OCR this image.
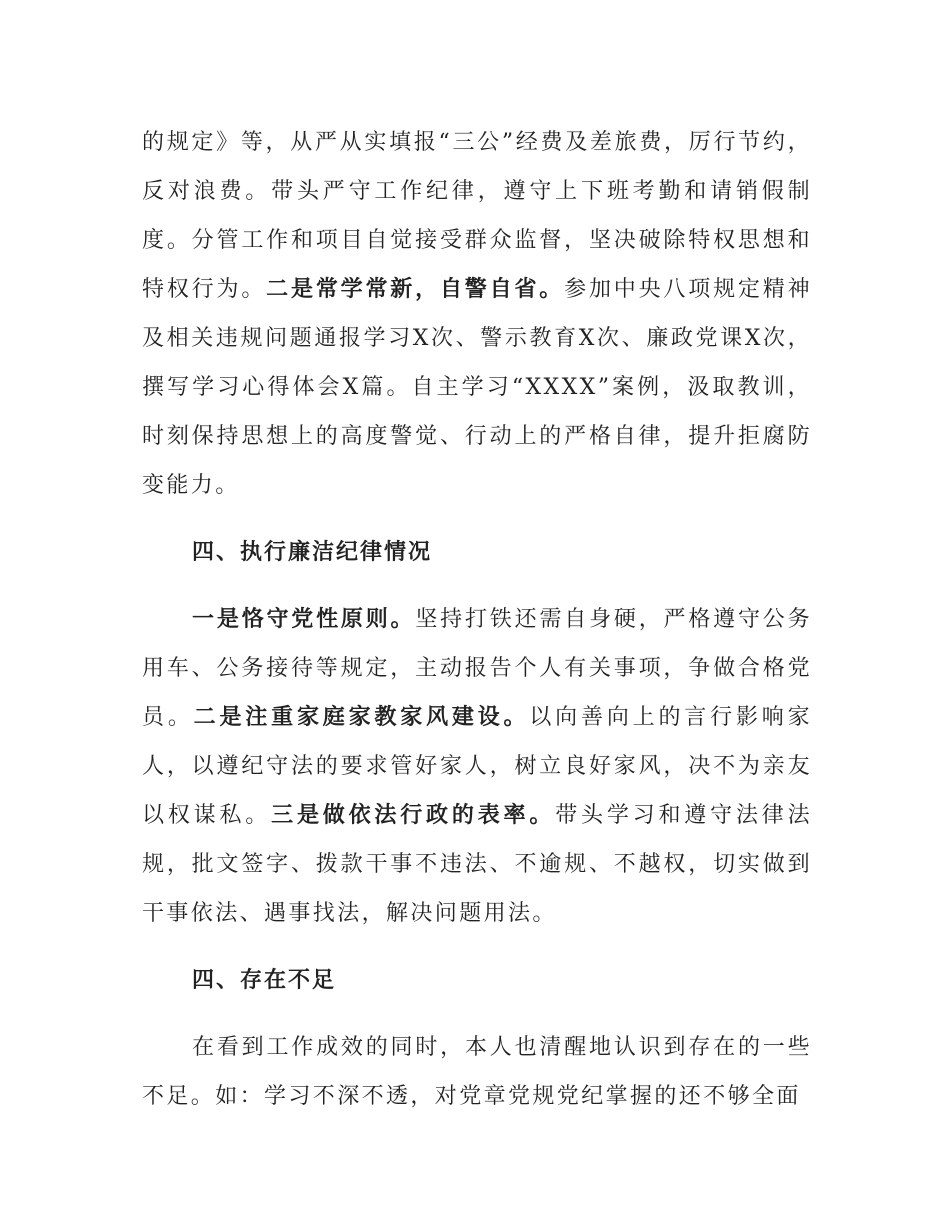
的规定》等，从严从实填报“三公”经费及差旅费，厉行节约，反对浪费。带头严守工作纪律，遵守上下班考勤和请销假制度。分管工作和项目自觉接受群众监督，坚决破除特权思想和特权行为。二是常学常新，自警自省。参加中央八项规定精神及相关违规问题通报学习X次、警示教育X次、廉政党课X次，撰写学习心得体会X篇。自主学习“XXXX”案例，汲取教训，时刻保持思想上的高度警觉、行动上的严格自律，提升拒腐防变能力。

四、执行廉洁纪律情况

一是恪守党性原则。坚持打铁还需自身硬，严格遵守公务用车、公务接待等规定，主动报告个人有关事项，争做合格党员。二是注重家庭家教家风建设。以向善向上的言行影响家人，以遵纪守法的要求管好家人，树立良好家风，决不为亲友以权谋私。三是做依法行政的表率。带头学习和遵守法律法规，批文签字、拨款干事不违法、不逾规、不越权，切实做到干事依法、遇事找法，解决问题用法。

四、存在不足

在看到工作成效的同时，本人也清醒地认识到存在的一些不足。如：学习不深不透，对党章党规党纪掌握的还不够全面
